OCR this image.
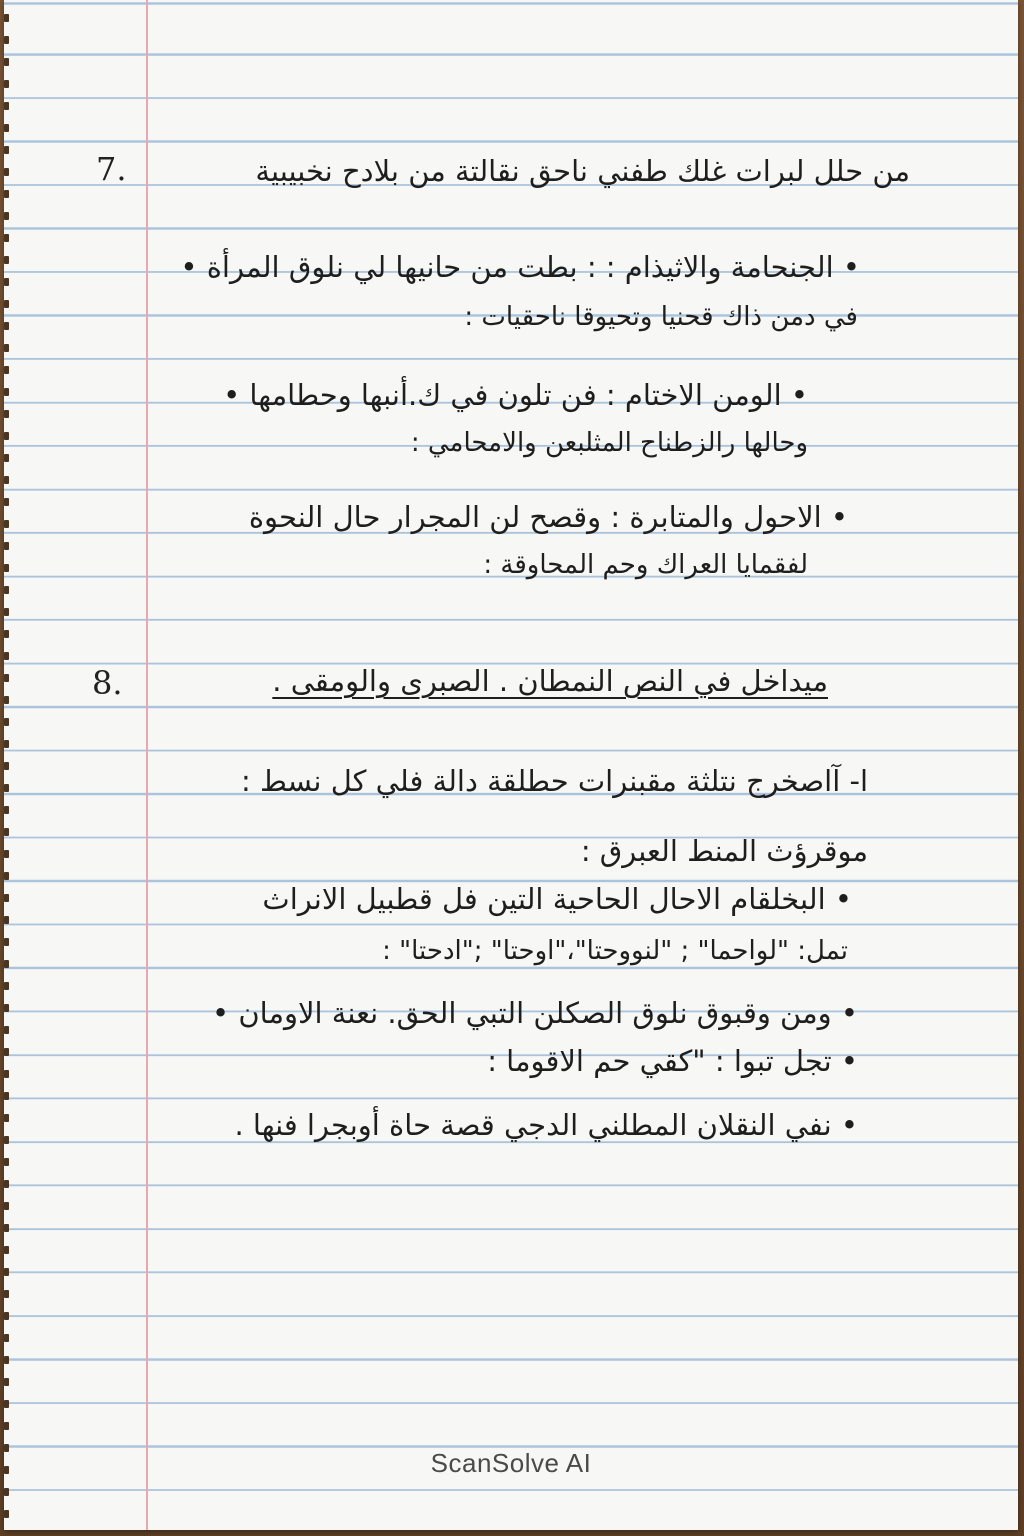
7.	من حلل لبرات غلك طفني ناحق نقالتة من بلادح نخبيبية
• الجنحامة والاثيذام : : بطت من حانيها لي نلوق المرأة •
في دمن ذاك قحنيا وتحيوقا ناحقيات :
• الومن الاختام : فن تلون في ك.أنبها وحطامها •
وحالها رالزطناح المثلبعن والامحامي :
• الاحول والمتابرة : وقصح لن المجرار حال النحوة
لفقمايا العراك وحم المحاوقة :
8.	ميداخل في النص النمطان . الصبرى والومقى .
ا- آاصخرج نتلثة مقبنرات حطلقة دالة فلي كل نسط :
موقرؤث المنط العبرق :
• البخلقام الاحال الحاحية التين فل قطبيل الانراث
تمل: "لواحما" ; "لنووحتا"،"اوحتا" ;"ادحتا" :
• ومن وقبوق نلوق الصكلن التبي الحق. نعنة الاومان •
• تجل تبوا : "كقي حم الاقوما :
• نفي النقلان المطلني الدجي قصة حاة أوبجرا فنها .
ScanSolve AI
